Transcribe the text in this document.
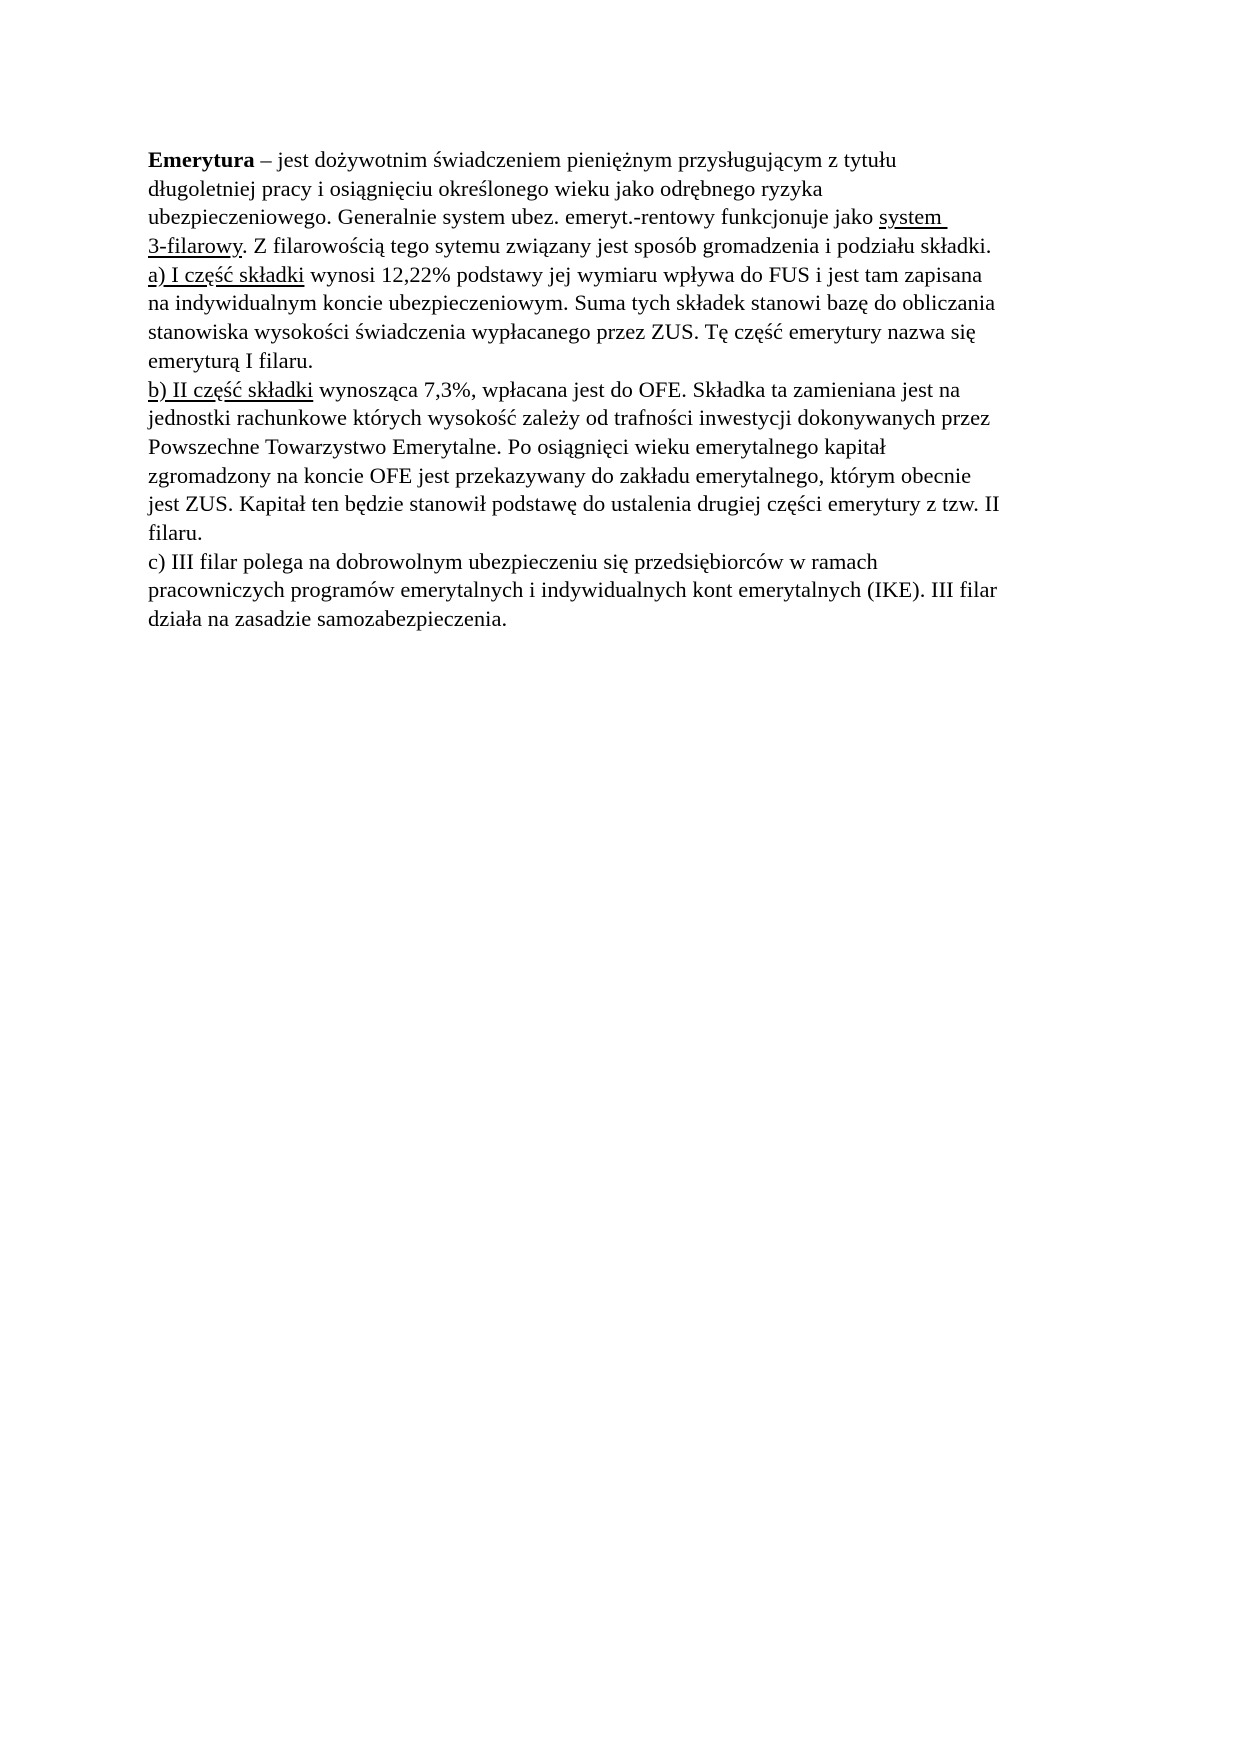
Emerytura – jest dożywotnim świadczeniem pieniężnym przysługującym z tytułu
długoletniej pracy i osiągnięciu określonego wieku jako odrębnego ryzyka
ubezpieczeniowego. Generalnie system ubez. emeryt.-rentowy funkcjonuje jako system
3-filarowy. Z filarowością tego sytemu związany jest sposób gromadzenia i podziału składki.
a) I część składki wynosi 12,22% podstawy jej wymiaru wpływa do FUS i jest tam zapisana
na indywidualnym koncie ubezpieczeniowym. Suma tych składek stanowi bazę do obliczania
stanowiska wysokości świadczenia wypłacanego przez ZUS. Tę część emerytury nazwa się
emeryturą I filaru.
b) II część składki wynosząca 7,3%, wpłacana jest do OFE. Składka ta zamieniana jest na
jednostki rachunkowe których wysokość zależy od trafności inwestycji dokonywanych przez
Powszechne Towarzystwo Emerytalne. Po osiągnięci wieku emerytalnego kapitał
zgromadzony na koncie OFE jest przekazywany do zakładu emerytalnego, którym obecnie
jest ZUS. Kapitał ten będzie stanowił podstawę do ustalenia drugiej części emerytury z tzw. II
filaru.
c) III filar polega na dobrowolnym ubezpieczeniu się przedsiębiorców w ramach
pracowniczych programów emerytalnych i indywidualnych kont emerytalnych (IKE). III filar
działa na zasadzie samozabezpieczenia.
